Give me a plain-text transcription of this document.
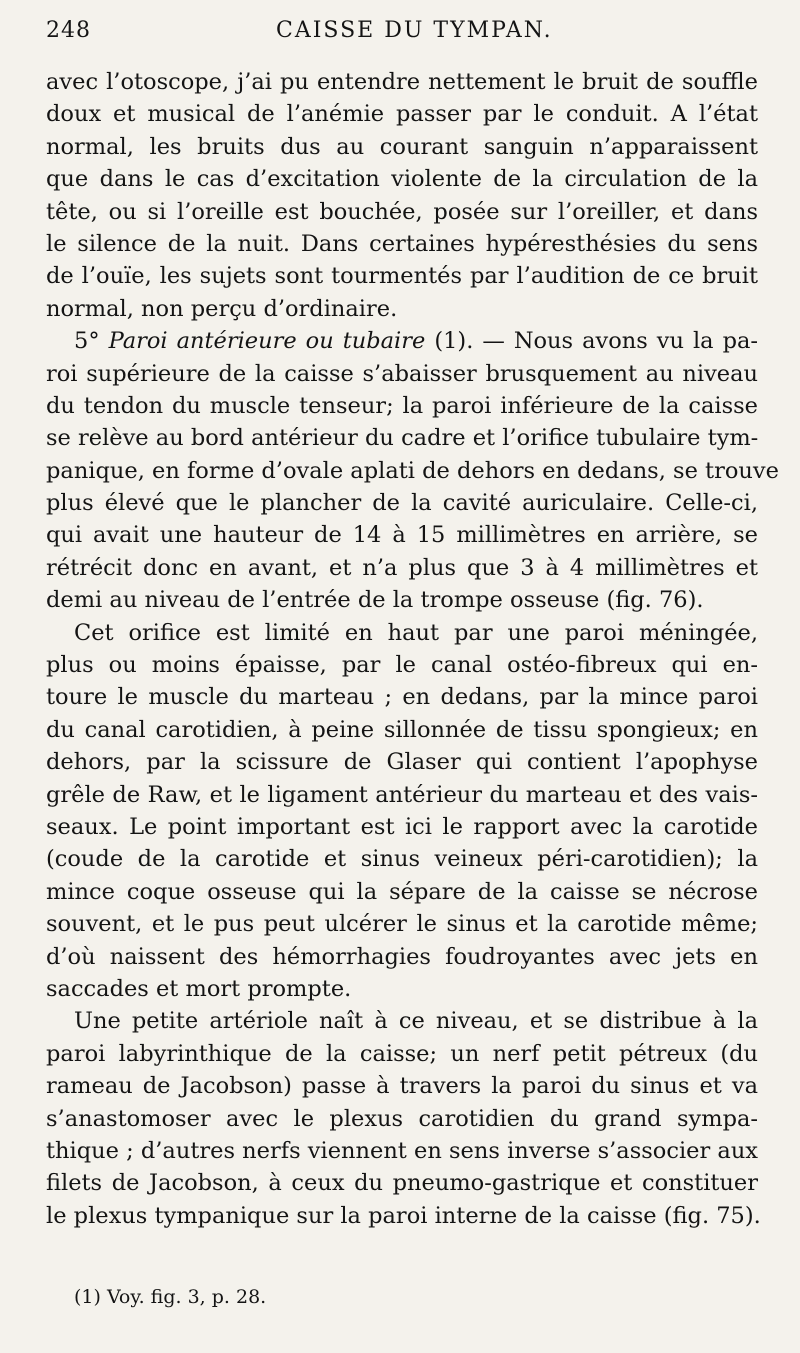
248	CAISSE DU TYMPAN.
avec l’otoscope, j’ai pu entendre nettement le bruit de souffle
doux et musical de l’anémie passer par le conduit. A l’état
normal, les bruits dus au courant sanguin n’apparaissent
que dans le cas d’excitation violente de la circulation de la
tête, ou si l’oreille est bouchée, posée sur l’oreiller, et dans
le silence de la nuit. Dans certaines hypéresthésies du sens
de l’ouïe, les sujets sont tourmentés par l’audition de ce bruit
normal, non perçu d’ordinaire.
5° Paroi antérieure ou tubaire (1). — Nous avons vu la pa-
roi supérieure de la caisse s’abaisser brusquement au niveau
du tendon du muscle tenseur; la paroi inférieure de la caisse
se relève au bord antérieur du cadre et l’orifice tubulaire tym-
panique, en forme d’ovale aplati de dehors en dedans, se trouve
plus élevé que le plancher de la cavité auriculaire. Celle-ci,
qui avait une hauteur de 14 à 15 millimètres en arrière, se
rétrécit donc en avant, et n’a plus que 3 à 4 millimètres et
demi au niveau de l’entrée de la trompe osseuse (fig. 76).
Cet orifice est limité en haut par une paroi méningée,
plus ou moins épaisse, par le canal ostéo-fibreux qui en-
toure le muscle du marteau ; en dedans, par la mince paroi
du canal carotidien, à peine sillonnée de tissu spongieux; en
dehors, par la scissure de Glaser qui contient l’apophyse
grêle de Raw, et le ligament antérieur du marteau et des vais-
seaux. Le point important est ici le rapport avec la carotide
(coude de la carotide et sinus veineux péri-carotidien); la
mince coque osseuse qui la sépare de la caisse se nécrose
souvent, et le pus peut ulcérer le sinus et la carotide même;
d’où naissent des hémorrhagies foudroyantes avec jets en
saccades et mort prompte.
Une petite artériole naît à ce niveau, et se distribue à la
paroi labyrinthique de la caisse; un nerf petit pétreux (du
rameau de Jacobson) passe à travers la paroi du sinus et va
s’anastomoser avec le plexus carotidien du grand sympa-
thique ; d’autres nerfs viennent en sens inverse s’associer aux
filets de Jacobson, à ceux du pneumo-gastrique et constituer
le plexus tympanique sur la paroi interne de la caisse (fig. 75).
(1) Voy. fig. 3, p. 28.
